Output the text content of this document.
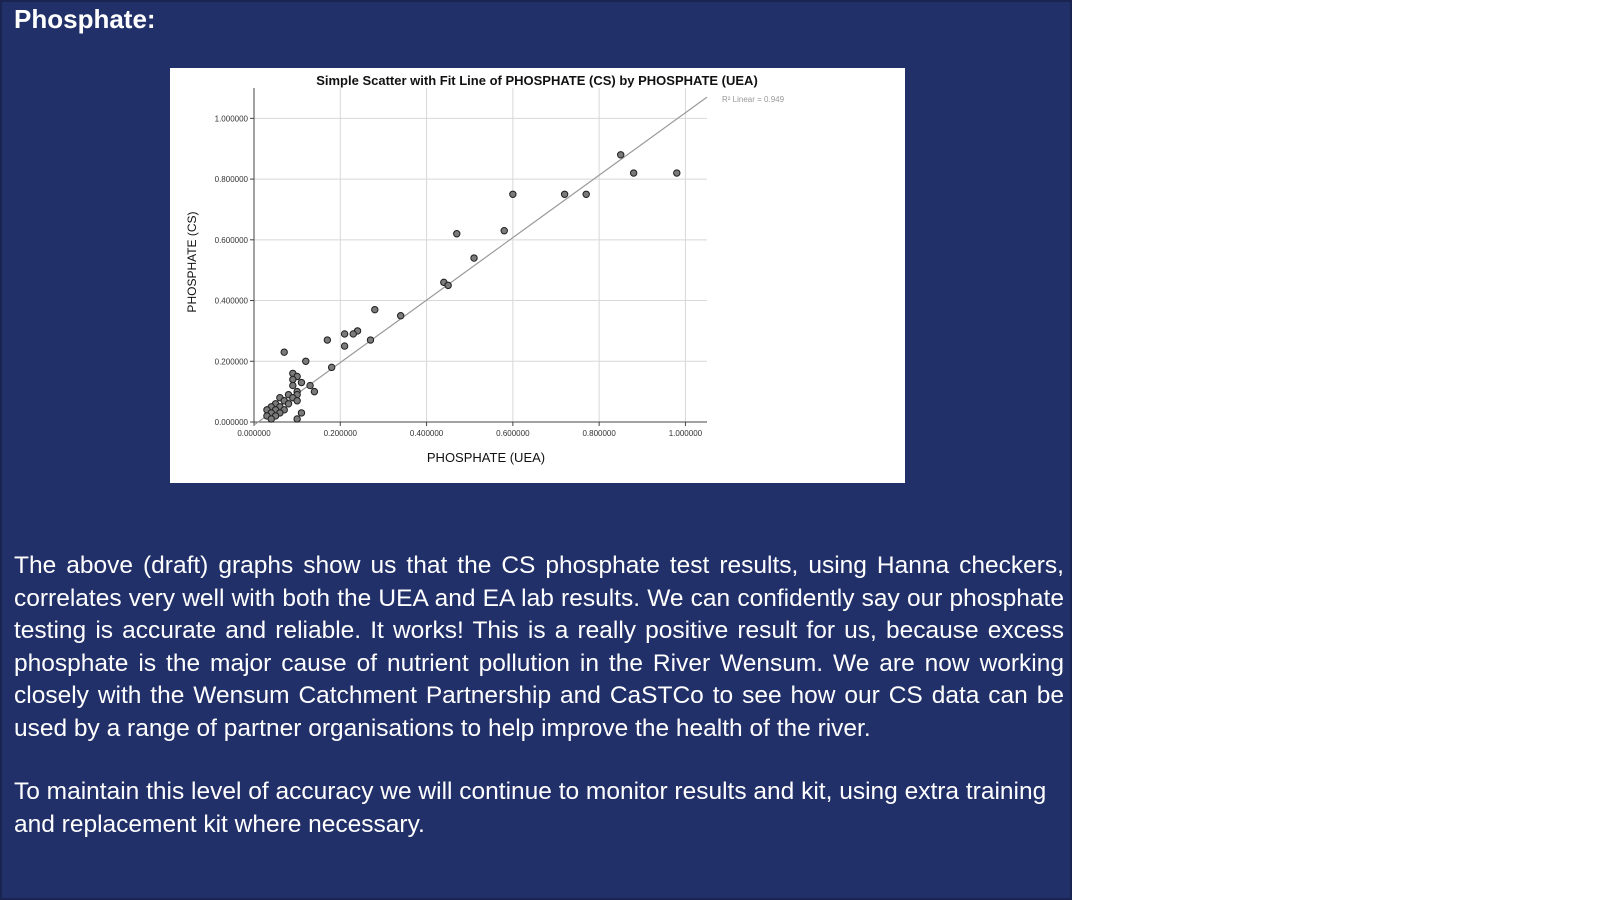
Phosphate:
Simple Scatter with Fit Line of PHOSPHATE (CS) by PHOSPHATE (UEA)
0.000000	0.200000	0.400000	0.600000	0.800000	1.000000
0.000000
0.200000
0.400000
0.600000
0.800000
1.000000
R² Linear = 0.949
PHOSPHATE (UEA)
PHOSPHATE (CS)

The above (draft) graphs show us that the CS phosphate test results, using Hanna checkers, correlates very well with both the UEA and EA lab results. We can confidently say our phosphate testing is accurate and reliable. It works! This is a really positive result for us, because excess phosphate is the major cause of nutrient pollution in the River Wensum. We are now working closely with the Wensum Catchment Partnership and CaSTCo to see how our CS data can be used by a range of partner organisations to help improve the health of the river.

To maintain this level of accuracy we will continue to monitor results and kit, using extra training and replacement kit where necessary.
